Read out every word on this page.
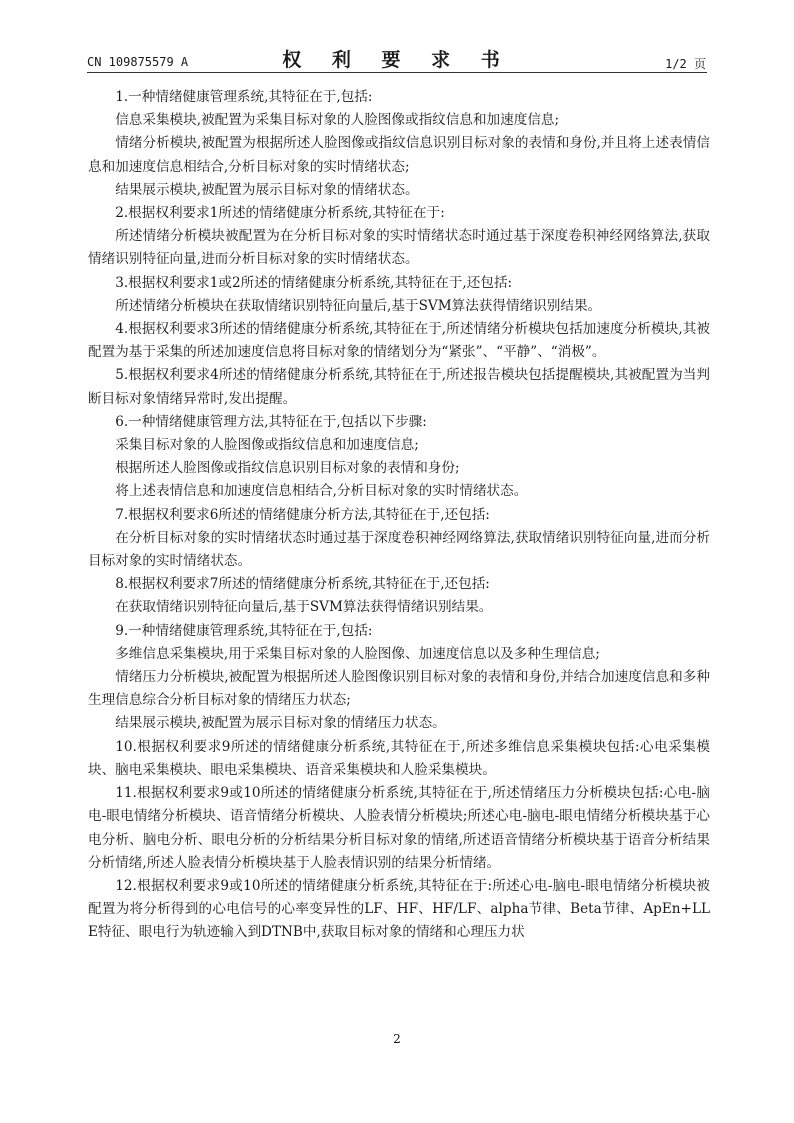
CN 109875579 A	权 利 要 求 书	1/2 页

1.一种情绪健康管理系统,其特征在于,包括:

信息采集模块,被配置为采集目标对象的人脸图像或指纹信息和加速度信息;

情绪分析模块,被配置为根据所述人脸图像或指纹信息识别目标对象的表情和身份,并且将上述表情信息和加速度信息相结合,分析目标对象的实时情绪状态;

结果展示模块,被配置为展示目标对象的情绪状态。

2.根据权利要求1所述的情绪健康分析系统,其特征在于:

所述情绪分析模块被配置为在分析目标对象的实时情绪状态时通过基于深度卷积神经网络算法,获取情绪识别特征向量,进而分析目标对象的实时情绪状态。

3.根据权利要求1或2所述的情绪健康分析系统,其特征在于,还包括:

所述情绪分析模块在获取情绪识别特征向量后,基于SVM算法获得情绪识别结果。

4.根据权利要求3所述的情绪健康分析系统,其特征在于,所述情绪分析模块包括加速度分析模块,其被配置为基于采集的所述加速度信息将目标对象的情绪划分为“紧张”、“平静”、“消极”。

5.根据权利要求4所述的情绪健康分析系统,其特征在于,所述报告模块包括提醒模块,其被配置为当判断目标对象情绪异常时,发出提醒。

6.一种情绪健康管理方法,其特征在于,包括以下步骤:

采集目标对象的人脸图像或指纹信息和加速度信息;

根据所述人脸图像或指纹信息识别目标对象的表情和身份;

将上述表情信息和加速度信息相结合,分析目标对象的实时情绪状态。

7.根据权利要求6所述的情绪健康分析方法,其特征在于,还包括:

在分析目标对象的实时情绪状态时通过基于深度卷积神经网络算法,获取情绪识别特征向量,进而分析目标对象的实时情绪状态。

8.根据权利要求7所述的情绪健康分析系统,其特征在于,还包括:

在获取情绪识别特征向量后,基于SVM算法获得情绪识别结果。

9.一种情绪健康管理系统,其特征在于,包括:

多维信息采集模块,用于采集目标对象的人脸图像、加速度信息以及多种生理信息;

情绪压力分析模块,被配置为根据所述人脸图像识别目标对象的表情和身份,并结合加速度信息和多种生理信息综合分析目标对象的情绪压力状态;

结果展示模块,被配置为展示目标对象的情绪压力状态。

10.根据权利要求9所述的情绪健康分析系统,其特征在于,所述多维信息采集模块包括:心电采集模块、脑电采集模块、眼电采集模块、语音采集模块和人脸采集模块。

11.根据权利要求9或10所述的情绪健康分析系统,其特征在于,所述情绪压力分析模块包括:心电-脑电-眼电情绪分析模块、语音情绪分析模块、人脸表情分析模块;所述心电-脑电-眼电情绪分析模块基于心电分析、脑电分析、眼电分析的分析结果分析目标对象的情绪,所述语音情绪分析模块基于语音分析结果分析情绪,所述人脸表情分析模块基于人脸表情识别的结果分析情绪。

12.根据权利要求9或10所述的情绪健康分析系统,其特征在于:所述心电-脑电-眼电情绪分析模块被配置为将分析得到的心电信号的心率变异性的LF、HF、HF/LF、alpha节律、Beta节律、ApEn+LLE特征、眼电行为轨迹输入到DTNB中,获取目标对象的情绪和心理压力状

2
